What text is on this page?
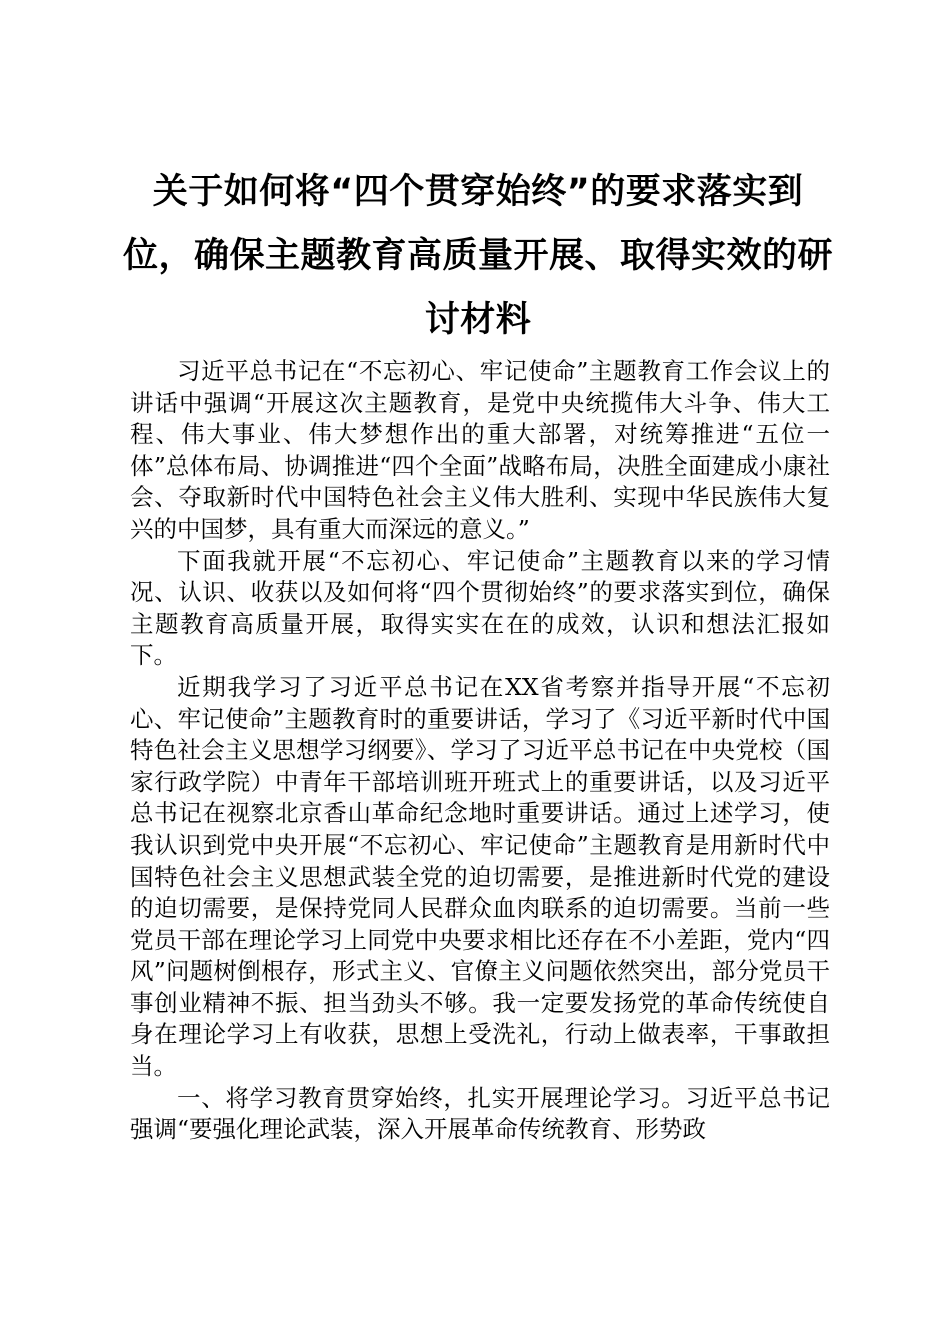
关于如何将“四个贯穿始终”的要求落实到位，确保主题教育高质量开展、取得实效的研讨材料

习近平总书记在“不忘初心、牢记使命”主题教育工作会议上的讲话中强调“开展这次主题教育，是党中央统揽伟大斗争、伟大工程、伟大事业、伟大梦想作出的重大部署，对统筹推进“五位一体”总体布局、协调推进“四个全面”战略布局，决胜全面建成小康社会、夺取新时代中国特色社会主义伟大胜利、实现中华民族伟大复兴的中国梦，具有重大而深远的意义。”

下面我就开展“不忘初心、牢记使命”主题教育以来的学习情况、认识、收获以及如何将“四个贯彻始终”的要求落实到位，确保主题教育高质量开展，取得实实在在的成效，认识和想法汇报如下。

近期我学习了习近平总书记在XX省考察并指导开展“不忘初心、牢记使命”主题教育时的重要讲话，学习了《习近平新时代中国特色社会主义思想学习纲要》、学习了习近平总书记在中央党校（国家行政学院）中青年干部培训班开班式上的重要讲话，以及习近平总书记在视察北京香山革命纪念地时重要讲话。通过上述学习，使我认识到党中央开展“不忘初心、牢记使命”主题教育是用新时代中国特色社会主义思想武装全党的迫切需要，是推进新时代党的建设的迫切需要，是保持党同人民群众血肉联系的迫切需要。当前一些党员干部在理论学习上同党中央要求相比还存在不小差距，党内“四风”问题树倒根存，形式主义、官僚主义问题依然突出，部分党员干事创业精神不振、担当劲头不够。我一定要发扬党的革命传统使自身在理论学习上有收获，思想上受洗礼，行动上做表率，干事敢担当。

一、将学习教育贯穿始终，扎实开展理论学习。习近平总书记强调“要强化理论武装，深入开展革命传统教育、形势政
